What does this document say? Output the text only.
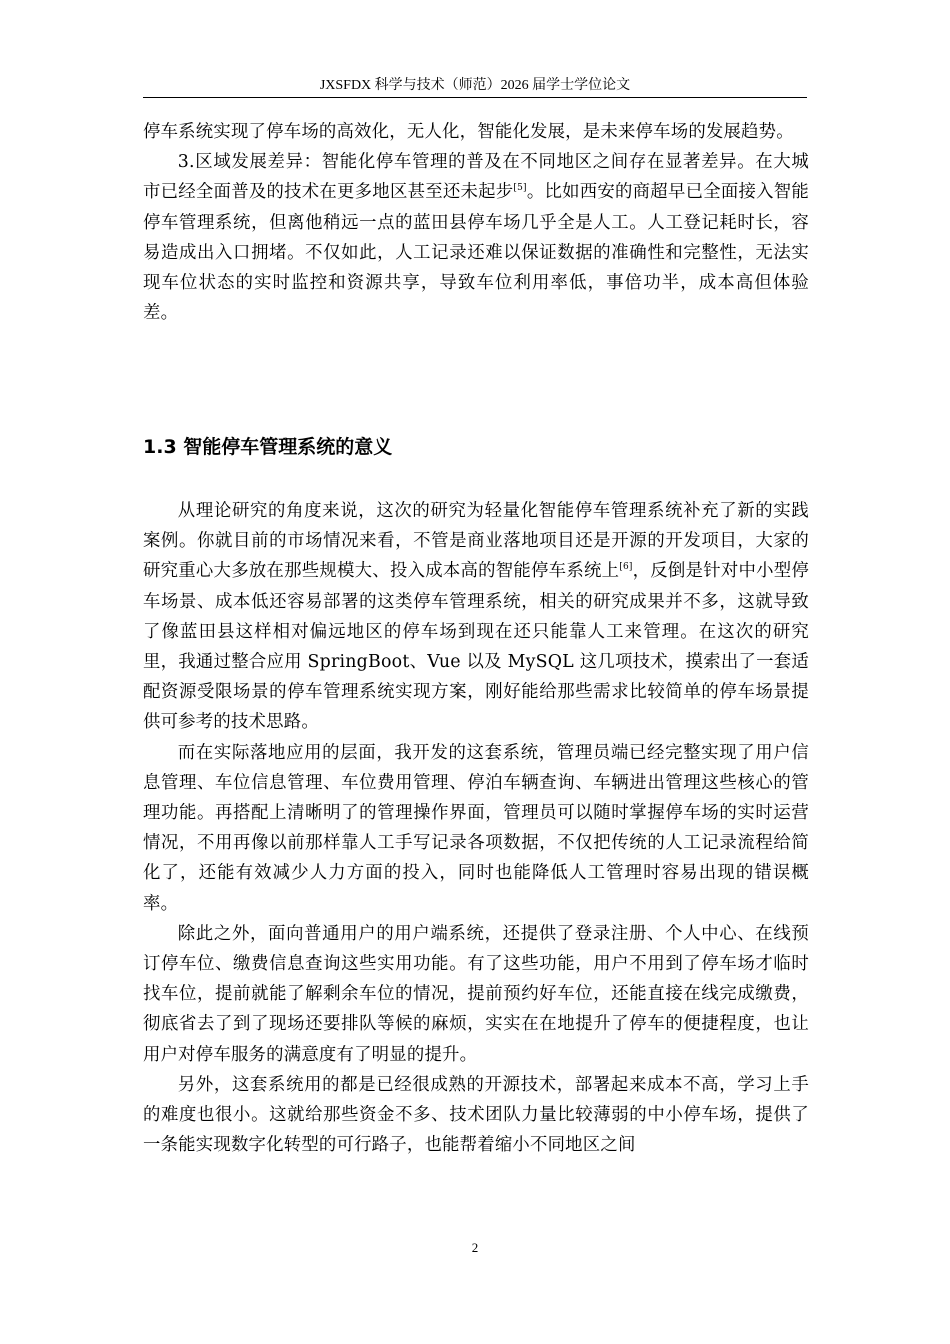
JXSFDX 科学与技术（师范）2026 届学士学位论文

停车系统实现了停车场的高效化，无人化，智能化发展，是未来停车场的发展趋势。

3.区域发展差异：智能化停车管理的普及在不同地区之间存在显著差异。在大城市已经全面普及的技术在更多地区甚至还未起步[5]。比如西安的商超早已全面接入智能停车管理系统，但离他稍远一点的蓝田县停车场几乎全是人工。人工登记耗时长，容易造成出入口拥堵。不仅如此，人工记录还难以保证数据的准确性和完整性，无法实现车位状态的实时监控和资源共享，导致车位利用率低，事倍功半，成本高但体验差。

1.3 智能停车管理系统的意义

从理论研究的角度来说，这次的研究为轻量化智能停车管理系统补充了新的实践案例。你就目前的市场情况来看，不管是商业落地项目还是开源的开发项目，大家的研究重心大多放在那些规模大、投入成本高的智能停车系统上[6]，反倒是针对中小型停车场景、成本低还容易部署的这类停车管理系统，相关的研究成果并不多，这就导致了像蓝田县这样相对偏远地区的停车场到现在还只能靠人工来管理。在这次的研究里，我通过整合应用 SpringBoot、Vue 以及 MySQL 这几项技术，摸索出了一套适配资源受限场景的停车管理系统实现方案，刚好能给那些需求比较简单的停车场景提供可参考的技术思路。

而在实际落地应用的层面，我开发的这套系统，管理员端已经完整实现了用户信息管理、车位信息管理、车位费用管理、停泊车辆查询、车辆进出管理这些核心的管理功能。再搭配上清晰明了的管理操作界面，管理员可以随时掌握停车场的实时运营情况，不用再像以前那样靠人工手写记录各项数据，不仅把传统的人工记录流程给简化了，还能有效减少人力方面的投入，同时也能降低人工管理时容易出现的错误概率。

除此之外，面向普通用户的用户端系统，还提供了登录注册、个人中心、在线预订停车位、缴费信息查询这些实用功能。有了这些功能，用户不用到了停车场才临时找车位，提前就能了解剩余车位的情况，提前预约好车位，还能直接在线完成缴费，彻底省去了到了现场还要排队等候的麻烦，实实在在地提升了停车的便捷程度，也让用户对停车服务的满意度有了明显的提升。

另外，这套系统用的都是已经很成熟的开源技术，部署起来成本不高，学习上手的难度也很小。这就给那些资金不多、技术团队力量比较薄弱的中小停车场，提供了一条能实现数字化转型的可行路子，也能帮着缩小不同地区之间

2
